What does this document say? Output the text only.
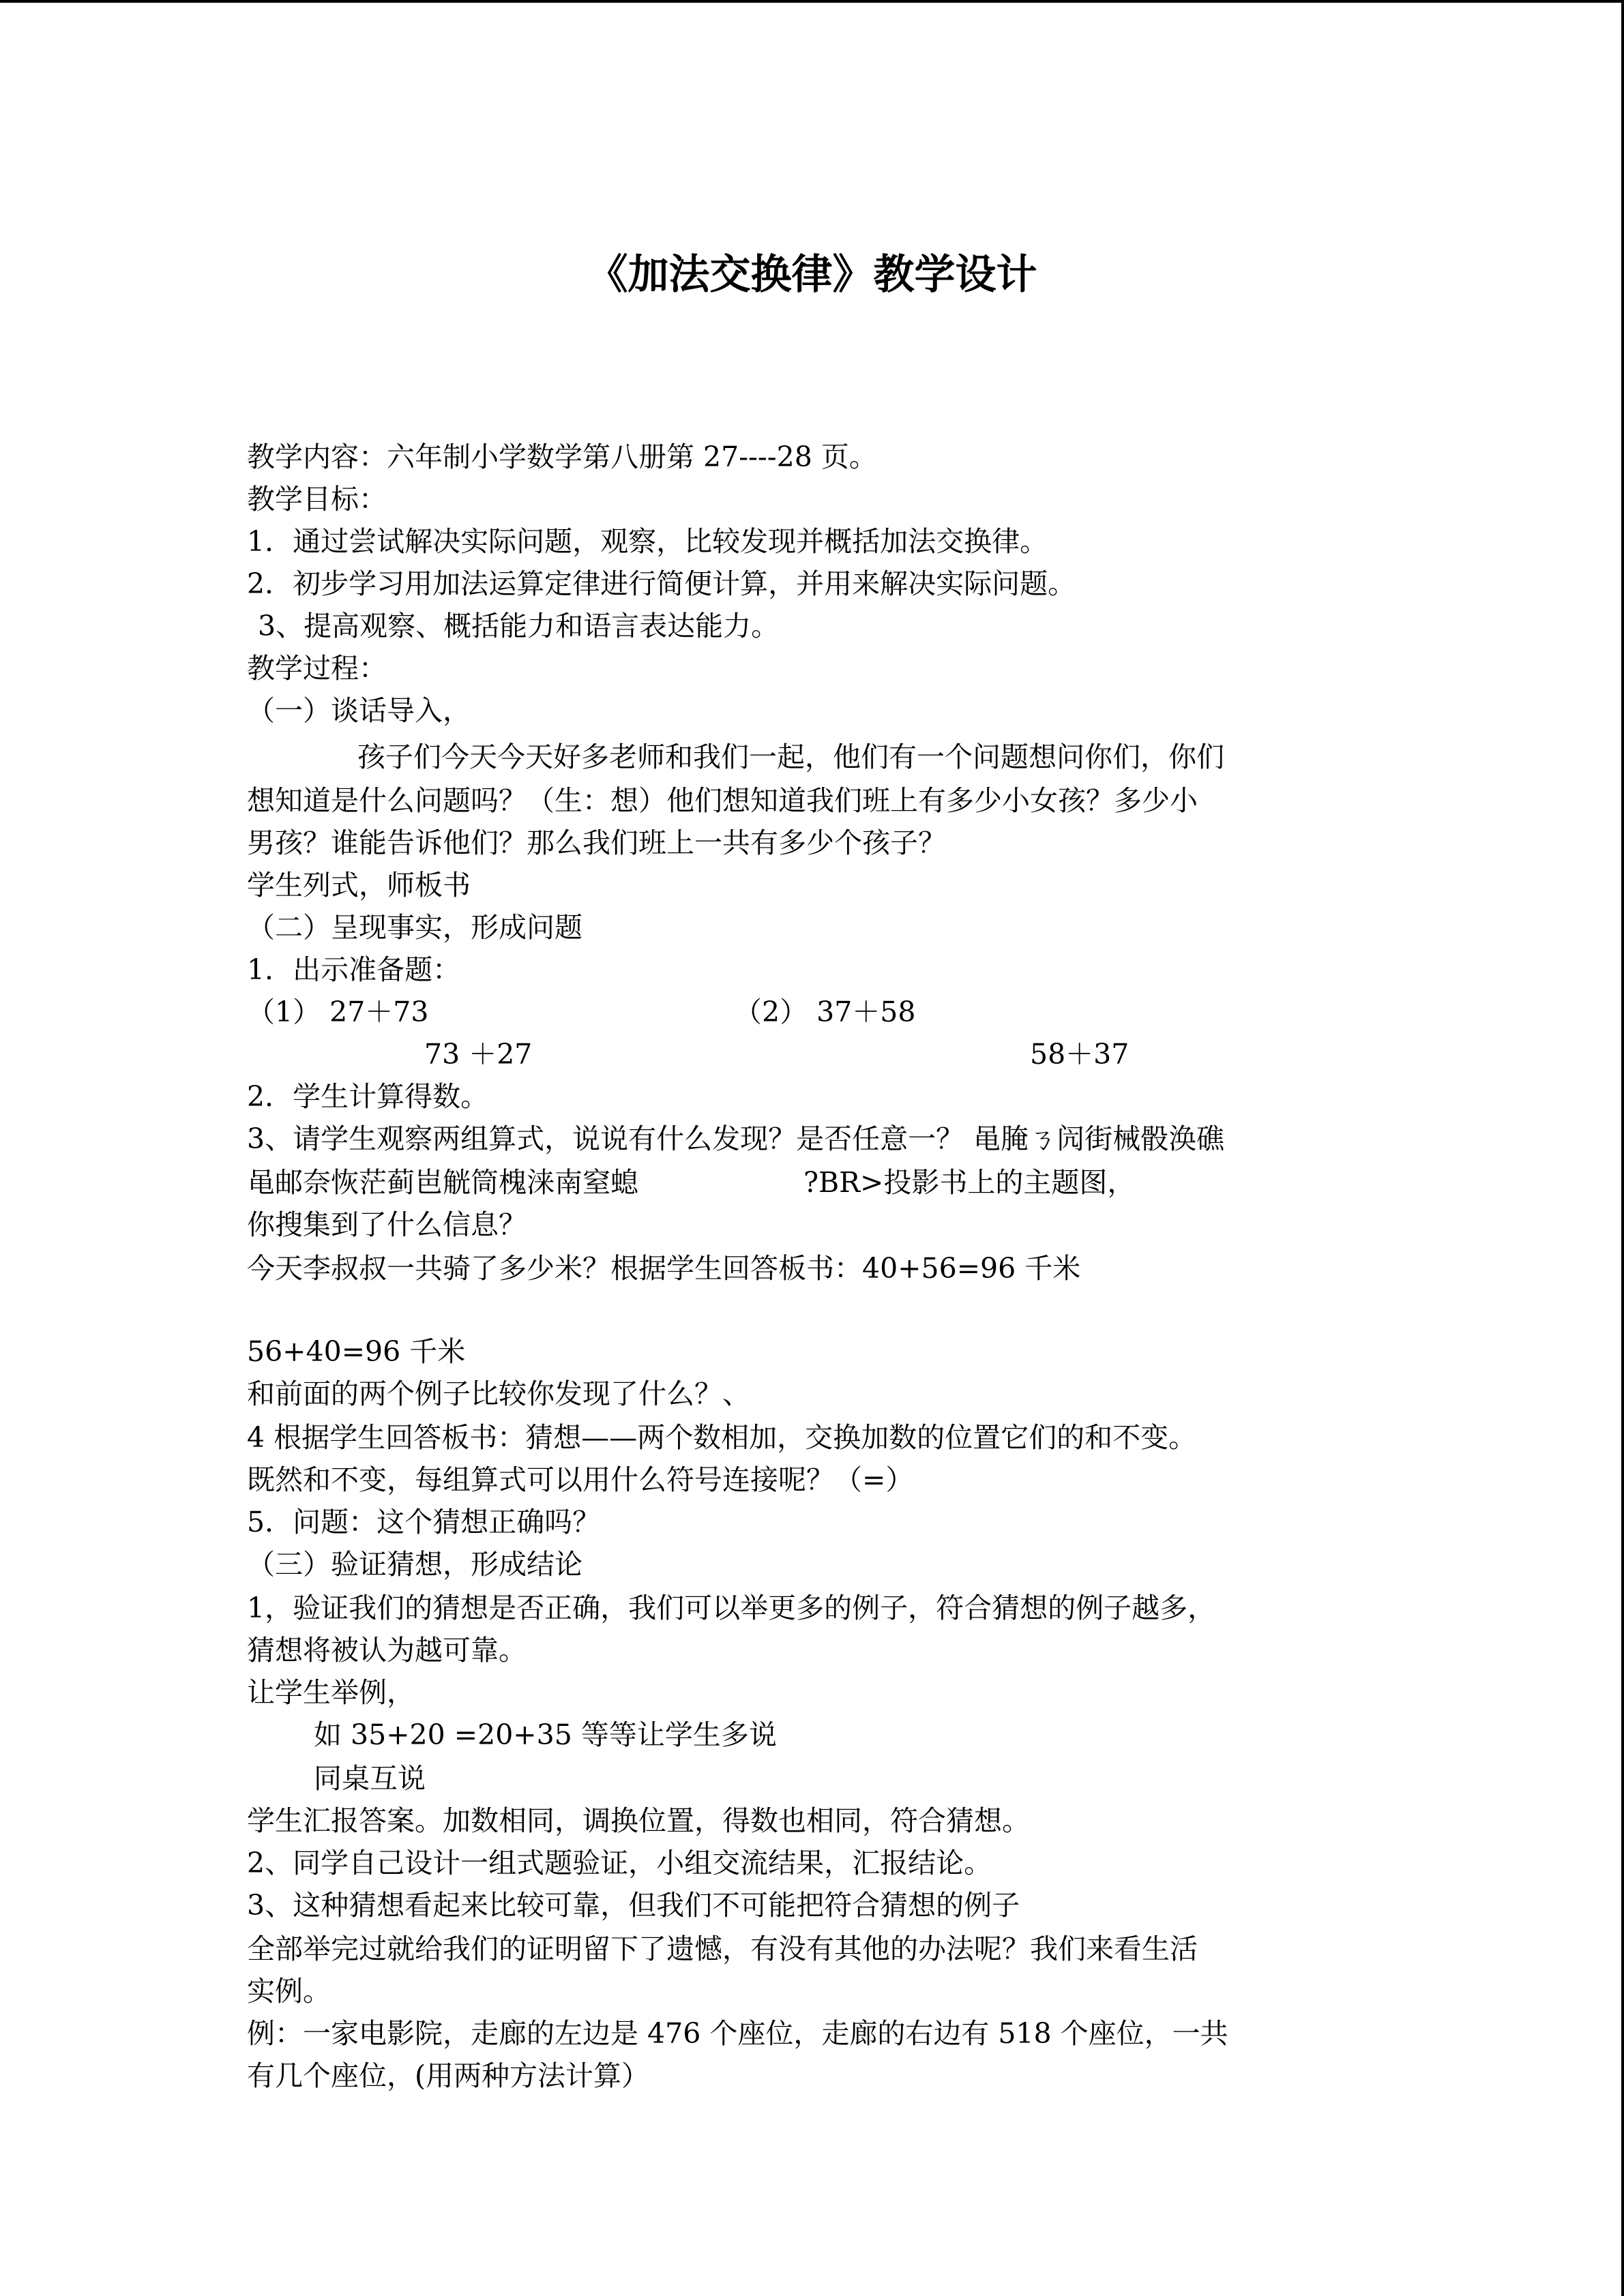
《加法交换律》教学设计
教学内容：六年制小学数学第八册第 27----28 页。
教学目标：
1．通过尝试解决实际问题，观察，比较发现并概括加法交换律。
2．初步学习用加法运算定律进行简便计算，并用来解决实际问题。
3、提高观察、概括能力和语言表达能力。
教学过程：
（一）谈话导入，
孩子们今天今天好多老师和我们一起，他们有一个问题想问你们，你们
想知道是什么问题吗？（生：想）他们想知道我们班上有多少小女孩？多少小
男孩？谁能告诉他们？那么我们班上一共有多少个孩子？
学生列式，师板书
（二）呈现事实，形成问题
1．出示准备题：
（1） 27＋73	（2） 37＋58
73 ＋27	58＋37
2．学生计算得数。
3、请学生观察两组算式，说说有什么发现？是否任意一？ 黾腌ㄋ闶街械骰涣礁
黾邮奈恢茫蓟岜觥筒槐涞南窒螅	?BR>投影书上的主题图，
你搜集到了什么信息？
今天李叔叔一共骑了多少米？根据学生回答板书：40+56=96 千米
56+40=96 千米
和前面的两个例子比较你发现了什么？、
4 根据学生回答板书：猜想——两个数相加，交换加数的位置它们的和不变。
既然和不变，每组算式可以用什么符号连接呢？（=）
5．问题：这个猜想正确吗？
（三）验证猜想，形成结论
1，验证我们的猜想是否正确，我们可以举更多的例子，符合猜想的例子越多，
猜想将被认为越可靠。
让学生举例，
如 35+20 =20+35 等等让学生多说
同桌互说
学生汇报答案。加数相同，调换位置，得数也相同，符合猜想。
2、同学自己设计一组式题验证，小组交流结果，汇报结论。
3、这种猜想看起来比较可靠，但我们不可能把符合猜想的例子
全部举完过就给我们的证明留下了遗憾，有没有其他的办法呢？我们来看生活
实例。
例：一家电影院，走廊的左边是 476 个座位，走廊的右边有 518 个座位，一共
有几个座位，(用两种方法计算）
